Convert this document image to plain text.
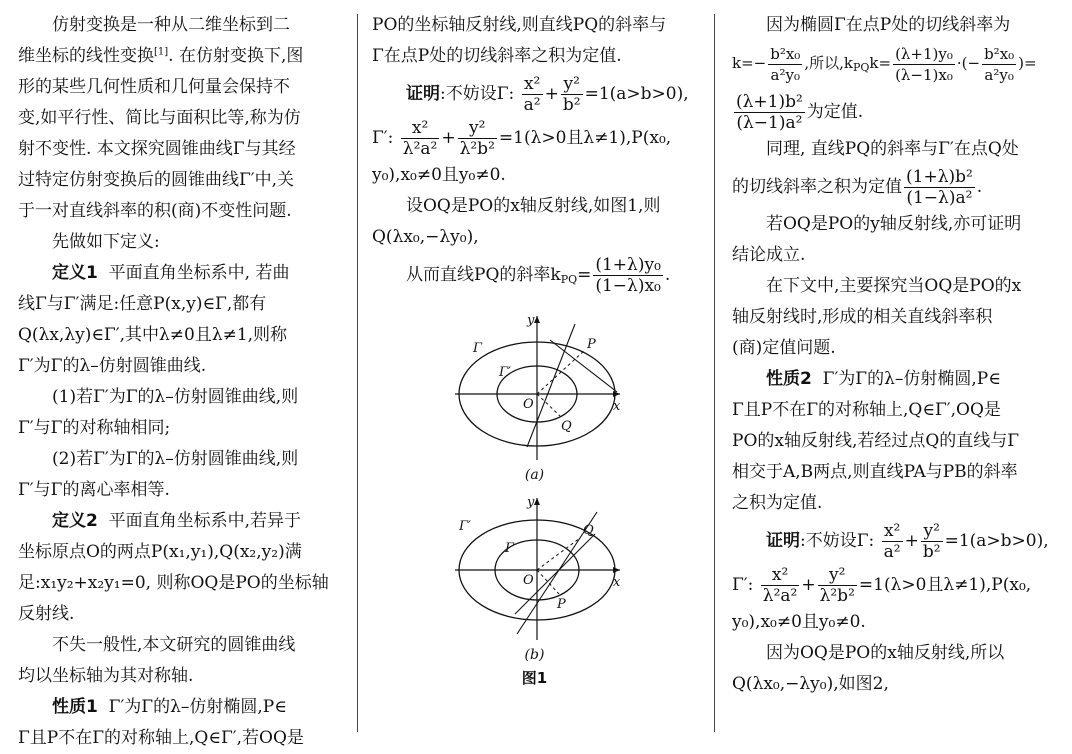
仿射变换是一种从二维坐标到二

维坐标的线性变换[1]. 在仿射变换下,图

形的某些几何性质和几何量会保持不

变,如平行性、简比与面积比等,称为仿

射不变性. 本文探究圆锥曲线Γ与其经

过特定仿射变换后的圆锥曲线Γ′中,关

于一对直线斜率的积(商)不变性问题.

先做如下定义:

定义1 平面直角坐标系中, 若曲

线Γ与Γ′满足:任意P(x,y)∈Γ,都有

Q(λx,λy)∈Γ′,其中λ≠0且λ≠1,则称

Γ′为Γ的λ–仿射圆锥曲线.

(1)若Γ′为Γ的λ–仿射圆锥曲线,则

Γ′与Γ的对称轴相同;

(2)若Γ′为Γ的λ–仿射圆锥曲线,则

Γ′与Γ的离心率相等.

定义2 平面直角坐标系中,若异于

坐标原点O的两点P(x₁,y₁),Q(x₂,y₂)满

足:x₁y₂+x₂y₁=0, 则称OQ是PO的坐标轴

反射线.

不失一般性,本文研究的圆锥曲线

均以坐标轴为其对称轴.

性质1 Γ′为Γ的λ–仿射椭圆,P∈

Γ且P不在Γ的对称轴上,Q∈Γ′,若OQ是

PO的坐标轴反射线,则直线PQ的斜率与

Γ在点P处的切线斜率之积为定值.

证明:不妨设Γ: $\frac{\text{x²}}{\text{a²}} + \frac{\text{y²}}{\text{b²}} =1(a>b>0)$,

Γ′: $\frac{\text{x²}}{\text{λ²a²}} + \frac{\text{y²}}{\text{λ²b²}} =1(\lambda>0$且λ≠1),P(x₀,

y₀),x₀≠0且y₀≠0.

设OQ是PO的x轴反射线,如图1,则

Q(λx₀,−λy₀),

从而直线PQ的斜率$k_{PQ}= \frac{\text{(1+λ)y₀}}{\text{(1−λ)x₀}}$ .

y
x
O
Γ
Γ′
P
Q
(a)
y
x
O
Γ′
Γ
P
Q
(b)
图1

因为椭圆Γ在点P处的切线斜率为

$k=- \frac{\text{b²x₀}}{\text{a²y₀}}$ ,所以$,k_{PQ}k= \frac{\text{(λ+1)y₀}}{\text{(λ−1)x₀}}$ ·(− $\frac{\text{b²x₀}}{\text{a²y₀}}$ )=

$\frac{\text{(λ+1)b²}}{\text{(λ−1)a²}}$ 为定值.

同理, 直线PQ的斜率与Γ′在点Q处

的切线斜率之积为定值 $\frac{\text{(1+λ)b²}}{\text{(1−λ)a²}}$ .

若OQ是PO的y轴反射线,亦可证明

结论成立.

在下文中,主要探究当OQ是PO的x

轴反射线时,形成的相关直线斜率积

(商)定值问题.

性质2 Γ′为Γ的λ–仿射椭圆,P∈

Γ且P不在Γ的对称轴上,Q∈Γ′,OQ是

PO的x轴反射线,若经过点Q的直线与Γ

相交于A,B两点,则直线PA与PB的斜率

之积为定值.

证明:不妨设Γ: $\frac{\text{x²}}{\text{a²}} + \frac{\text{y²}}{\text{b²}} =1(a>b>0)$,

Γ′: $\frac{\text{x²}}{\text{λ²a²}} + \frac{\text{y²}}{\text{λ²b²}} =1(\lambda>0$且λ≠1),P(x₀,

y₀),x₀≠0且y₀≠0.

因为OQ是PO的x轴反射线,所以

Q(λx₀,−λy₀),如图2,
